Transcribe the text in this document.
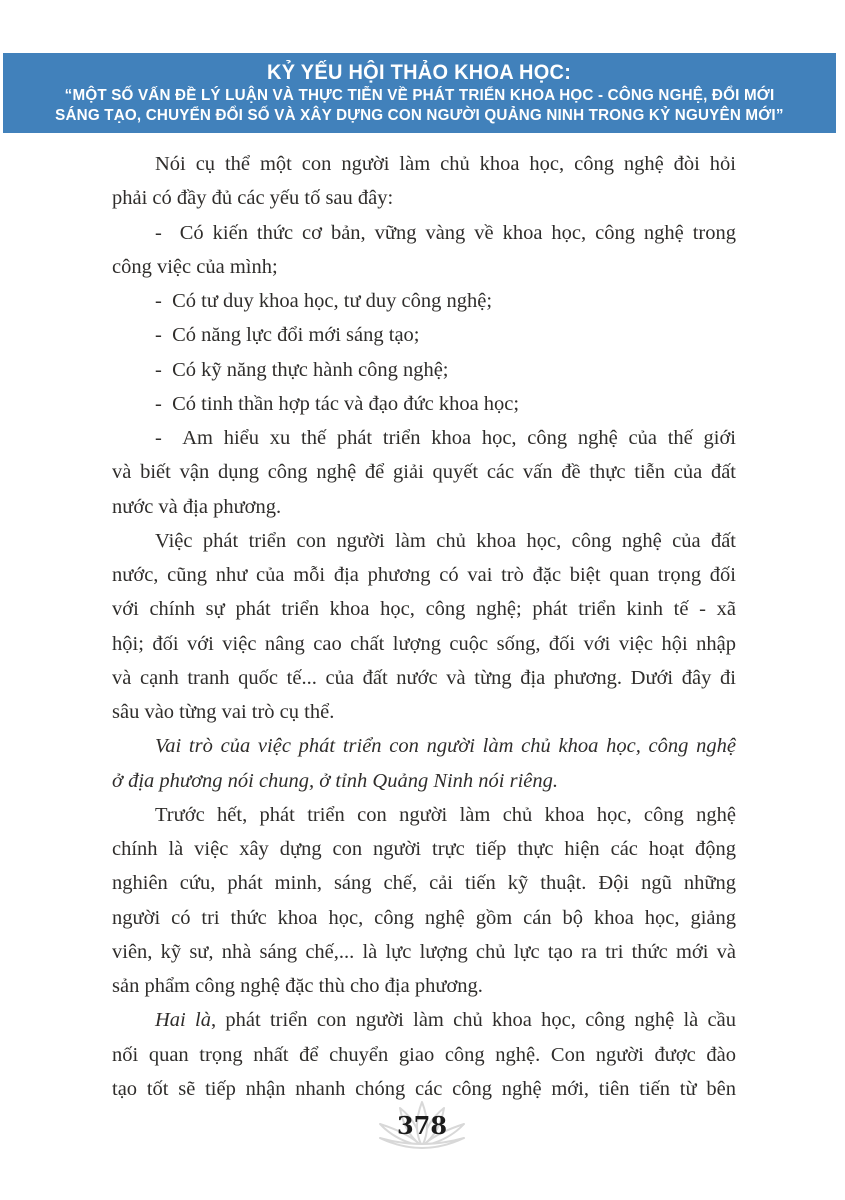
KỶ YẾU HỘI THẢO KHOA HỌC:
“MỘT SỐ VẤN ĐỀ LÝ LUẬN VÀ THỰC TIỄN VỀ PHÁT TRIỂN KHOA HỌC - CÔNG NGHỆ, ĐỔI MỚI
SÁNG TẠO, CHUYỂN ĐỔI SỐ VÀ XÂY DỰNG CON NGƯỜI QUẢNG NINH TRONG KỶ NGUYÊN MỚI”
Nói cụ thể một con người làm chủ khoa học, công nghệ đòi hỏi
phải có đầy đủ các yếu tố sau đây:
-  Có kiến thức cơ bản, vững vàng về khoa học, công nghệ trong
công việc của mình;
-  Có tư duy khoa học, tư duy công nghệ;
-  Có năng lực đổi mới sáng tạo;
-  Có kỹ năng thực hành công nghệ;
-  Có tinh thần hợp tác và đạo đức khoa học;
-  Am hiểu xu thế phát triển khoa học, công nghệ của thế giới
và biết vận dụng công nghệ để giải quyết các vấn đề thực tiễn của đất
nước và địa phương.
Việc phát triển con người làm chủ khoa học, công nghệ của đất
nước, cũng như của mỗi địa phương có vai trò đặc biệt quan trọng đối
với chính sự phát triển khoa học, công nghệ; phát triển kinh tế - xã
hội; đối với việc nâng cao chất lượng cuộc sống, đối với việc hội nhập
và cạnh tranh quốc tế... của đất nước và từng địa phương. Dưới đây đi
sâu vào từng vai trò cụ thể.
Vai trò của việc phát triển con người làm chủ khoa học, công nghệ
ở địa phương nói chung, ở tỉnh Quảng Ninh nói riêng.
Trước hết, phát triển con người làm chủ khoa học, công nghệ
chính là việc xây dựng con người trực tiếp thực hiện các hoạt động
nghiên cứu, phát minh, sáng chế, cải tiến kỹ thuật. Đội ngũ những
người có tri thức khoa học, công nghệ gồm cán bộ khoa học, giảng
viên, kỹ sư, nhà sáng chế,... là lực lượng chủ lực tạo ra tri thức mới và
sản phẩm công nghệ đặc thù cho địa phương.
Hai là, phát triển con người làm chủ khoa học, công nghệ là cầu
nối quan trọng nhất để chuyển giao công nghệ. Con người được đào
tạo tốt sẽ tiếp nhận nhanh chóng các công nghệ mới, tiên tiến từ bên
378
